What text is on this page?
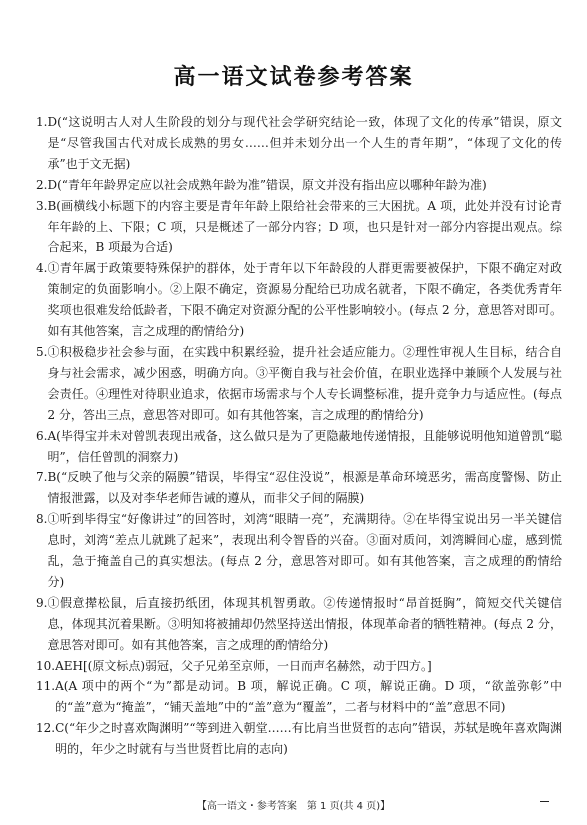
高一语文试卷参考答案
1. D(“这说明古人对人生阶段的划分与现代社会学研究结论一致，体现了文化的传承”错误，原文是“尽管我国古代对成长成熟的男女……但并未划分出一个人生的青年期”，“体现了文化的传承”也于文无据)
2. D(“青年年龄界定应以社会成熟年龄为准”错误，原文并没有指出应以哪种年龄为准)
3. B(画横线小标题下的内容主要是青年年龄上限给社会带来的三大困扰。A 项，此处并没有讨论青年年龄的上、下限；C 项，只是概述了一部分内容；D 项，也只是针对一部分内容提出观点。综合起来，B 项最为合适)
4. ①青年属于政策要特殊保护的群体，处于青年以下年龄段的人群更需要被保护，下限不确定对政策制定的负面影响小。②上限不确定，资源易分配给已功成名就者，下限不确定，各类优秀青年奖项也很难发给低龄者，下限不确定对资源分配的公平性影响较小。(每点 2 分，意思答对即可。如有其他答案，言之成理的酌情给分)
5. ①积极稳步社会参与面，在实践中积累经验，提升社会适应能力。②理性审视人生目标，结合自身与社会需求，减少困惑，明确方向。③平衡自我与社会价值，在职业选择中兼顾个人发展与社会责任。④理性对待职业追求，依据市场需求与个人专长调整标准，提升竞争力与适应性。(每点 2 分，答出三点，意思答对即可。如有其他答案，言之成理的酌情给分)
6. A(毕得宝并未对曾凯表现出戒备，这么做只是为了更隐蔽地传递情报，且能够说明他知道曾凯“聪明”，信任曾凯的洞察力)
7. B(“反映了他与父亲的隔膜”错误，毕得宝“忍住没说”，根源是革命环境恶劣，需高度警惕、防止情报泄露，以及对李华老师告诫的遵从，而非父子间的隔膜)
8. ①听到毕得宝“好像讲过”的回答时，刘湾“眼睛一亮”，充满期待。②在毕得宝说出另一半关键信息时，刘湾“差点儿就跳了起来”，表现出利令智昏的兴奋。③面对质问，刘湾瞬间心虚，感到慌乱，急于掩盖自己的真实想法。(每点 2 分，意思答对即可。如有其他答案，言之成理的酌情给分)
9. ①假意撵松鼠，后直接扔纸团，体现其机智勇敢。②传递情报时“昂首挺胸”，简短交代关键信息，体现其沉着果断。③明知将被捕却仍然坚持送出情报，体现革命者的牺牲精神。(每点 2 分，意思答对即可。如有其他答案，言之成理的酌情给分)
10. AEH[(原文标点)弱冠，父子兄弟至京师，一日而声名赫然，动于四方。]
11. A(A 项中的两个“为”都是动词。B 项，解说正确。C 项，解说正确。D 项，“欲盖弥彰”中的“盖”意为“掩盖”，“铺天盖地”中的“盖”意为“覆盖”，二者与材料中的“盖”意思不同)
12. C(“年少之时喜欢陶渊明”“等到进入朝堂……有比肩当世贤哲的志向”错误，苏轼是晚年喜欢陶渊明的，年少之时就有与当世贤哲比肩的志向)
【高一语文・参考答案　第 1 页(共 4 页)】
